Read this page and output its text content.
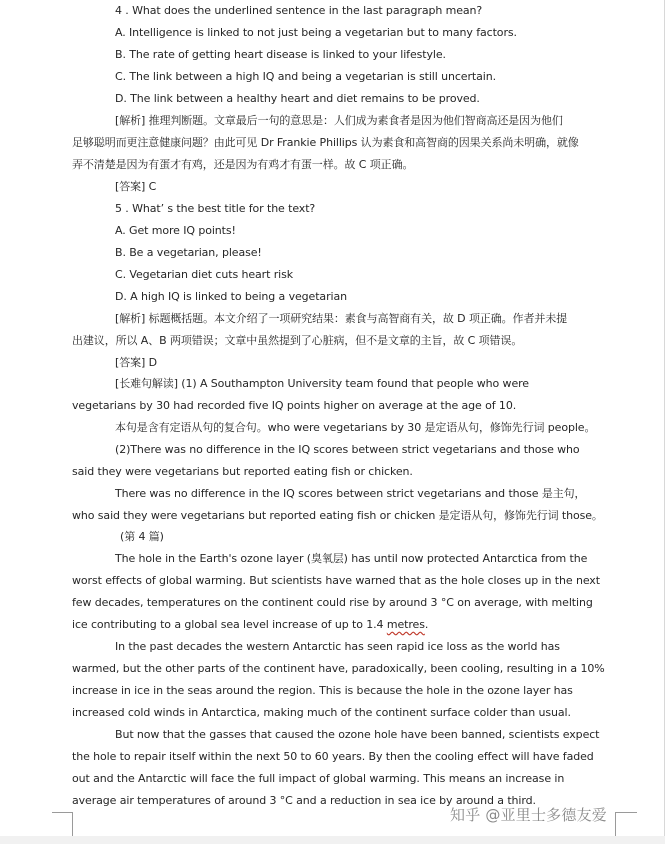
4 . What does the underlined sentence in the last paragraph mean?
A. Intelligence is linked to not just being a vegetarian but to many factors.
B. The rate of getting heart disease is linked to your lifestyle.
C. The link between a high IQ and being a vegetarian is still uncertain.
D. The link between a healthy heart and diet remains to be proved.
[解析] 推理判断题。文章最后一句的意思是：人们成为素食者是因为他们智商高还是因为他们
足够聪明而更注意健康问题？由此可见 Dr Frankie Phillips 认为素食和高智商的因果关系尚未明确，就像
弄不清楚是因为有蛋才有鸡，还是因为有鸡才有蛋一样。故 C 项正确。
[答案] C
5 . What’ s the best title for the text?
A. Get more IQ points!
B. Be a vegetarian, please!
C. Vegetarian diet cuts heart risk
D. A high IQ is linked to being a vegetarian
[解析] 标题概括题。本文介绍了一项研究结果：素食与高智商有关，故 D 项正确。作者并未提
出建议，所以 A、B 两项错误；文章中虽然提到了心脏病，但不是文章的主旨，故 C 项错误。
[答案] D
[长难句解读] (1) A Southampton University team found that people who were
vegetarians by 30 had recorded five IQ points higher on average at the age of 10.
本句是含有定语从句的复合句。who were vegetarians by 30 是定语从句，修饰先行词 people。
(2)There was no difference in the IQ scores between strict vegetarians and those who
said they were vegetarians but reported eating fish or chicken.
There was no difference in the IQ scores between strict vegetarians and those 是主句，
who said they were vegetarians but reported eating fish or chicken 是定语从句，修饰先行词 those。
(第 4 篇)
The hole in the Earth's ozone layer (臭氧层) has until now protected Antarctica from the
worst effects of global warming. But scientists have warned that as the hole closes up in the next
few decades, temperatures on the continent could rise by around 3 °C on average, with melting
ice contributing to a global sea level increase of up to 1.4 metres.
In the past decades the western Antarctic has seen rapid ice loss as the world has
warmed, but the other parts of the continent have, paradoxically, been cooling, resulting in a 10%
increase in ice in the seas around the region. This is because the hole in the ozone layer has
increased cold winds in Antarctica, making much of the continent surface colder than usual.
But now that the gasses that caused the ozone hole have been banned, scientists expect
the hole to repair itself within the next 50 to 60 years. By then the cooling effect will have faded
out and the Antarctic will face the full impact of global warming. This means an increase in
average air temperatures of around 3 °C and a reduction in sea ice by around a third.
知乎 @亚里士多德友爱
